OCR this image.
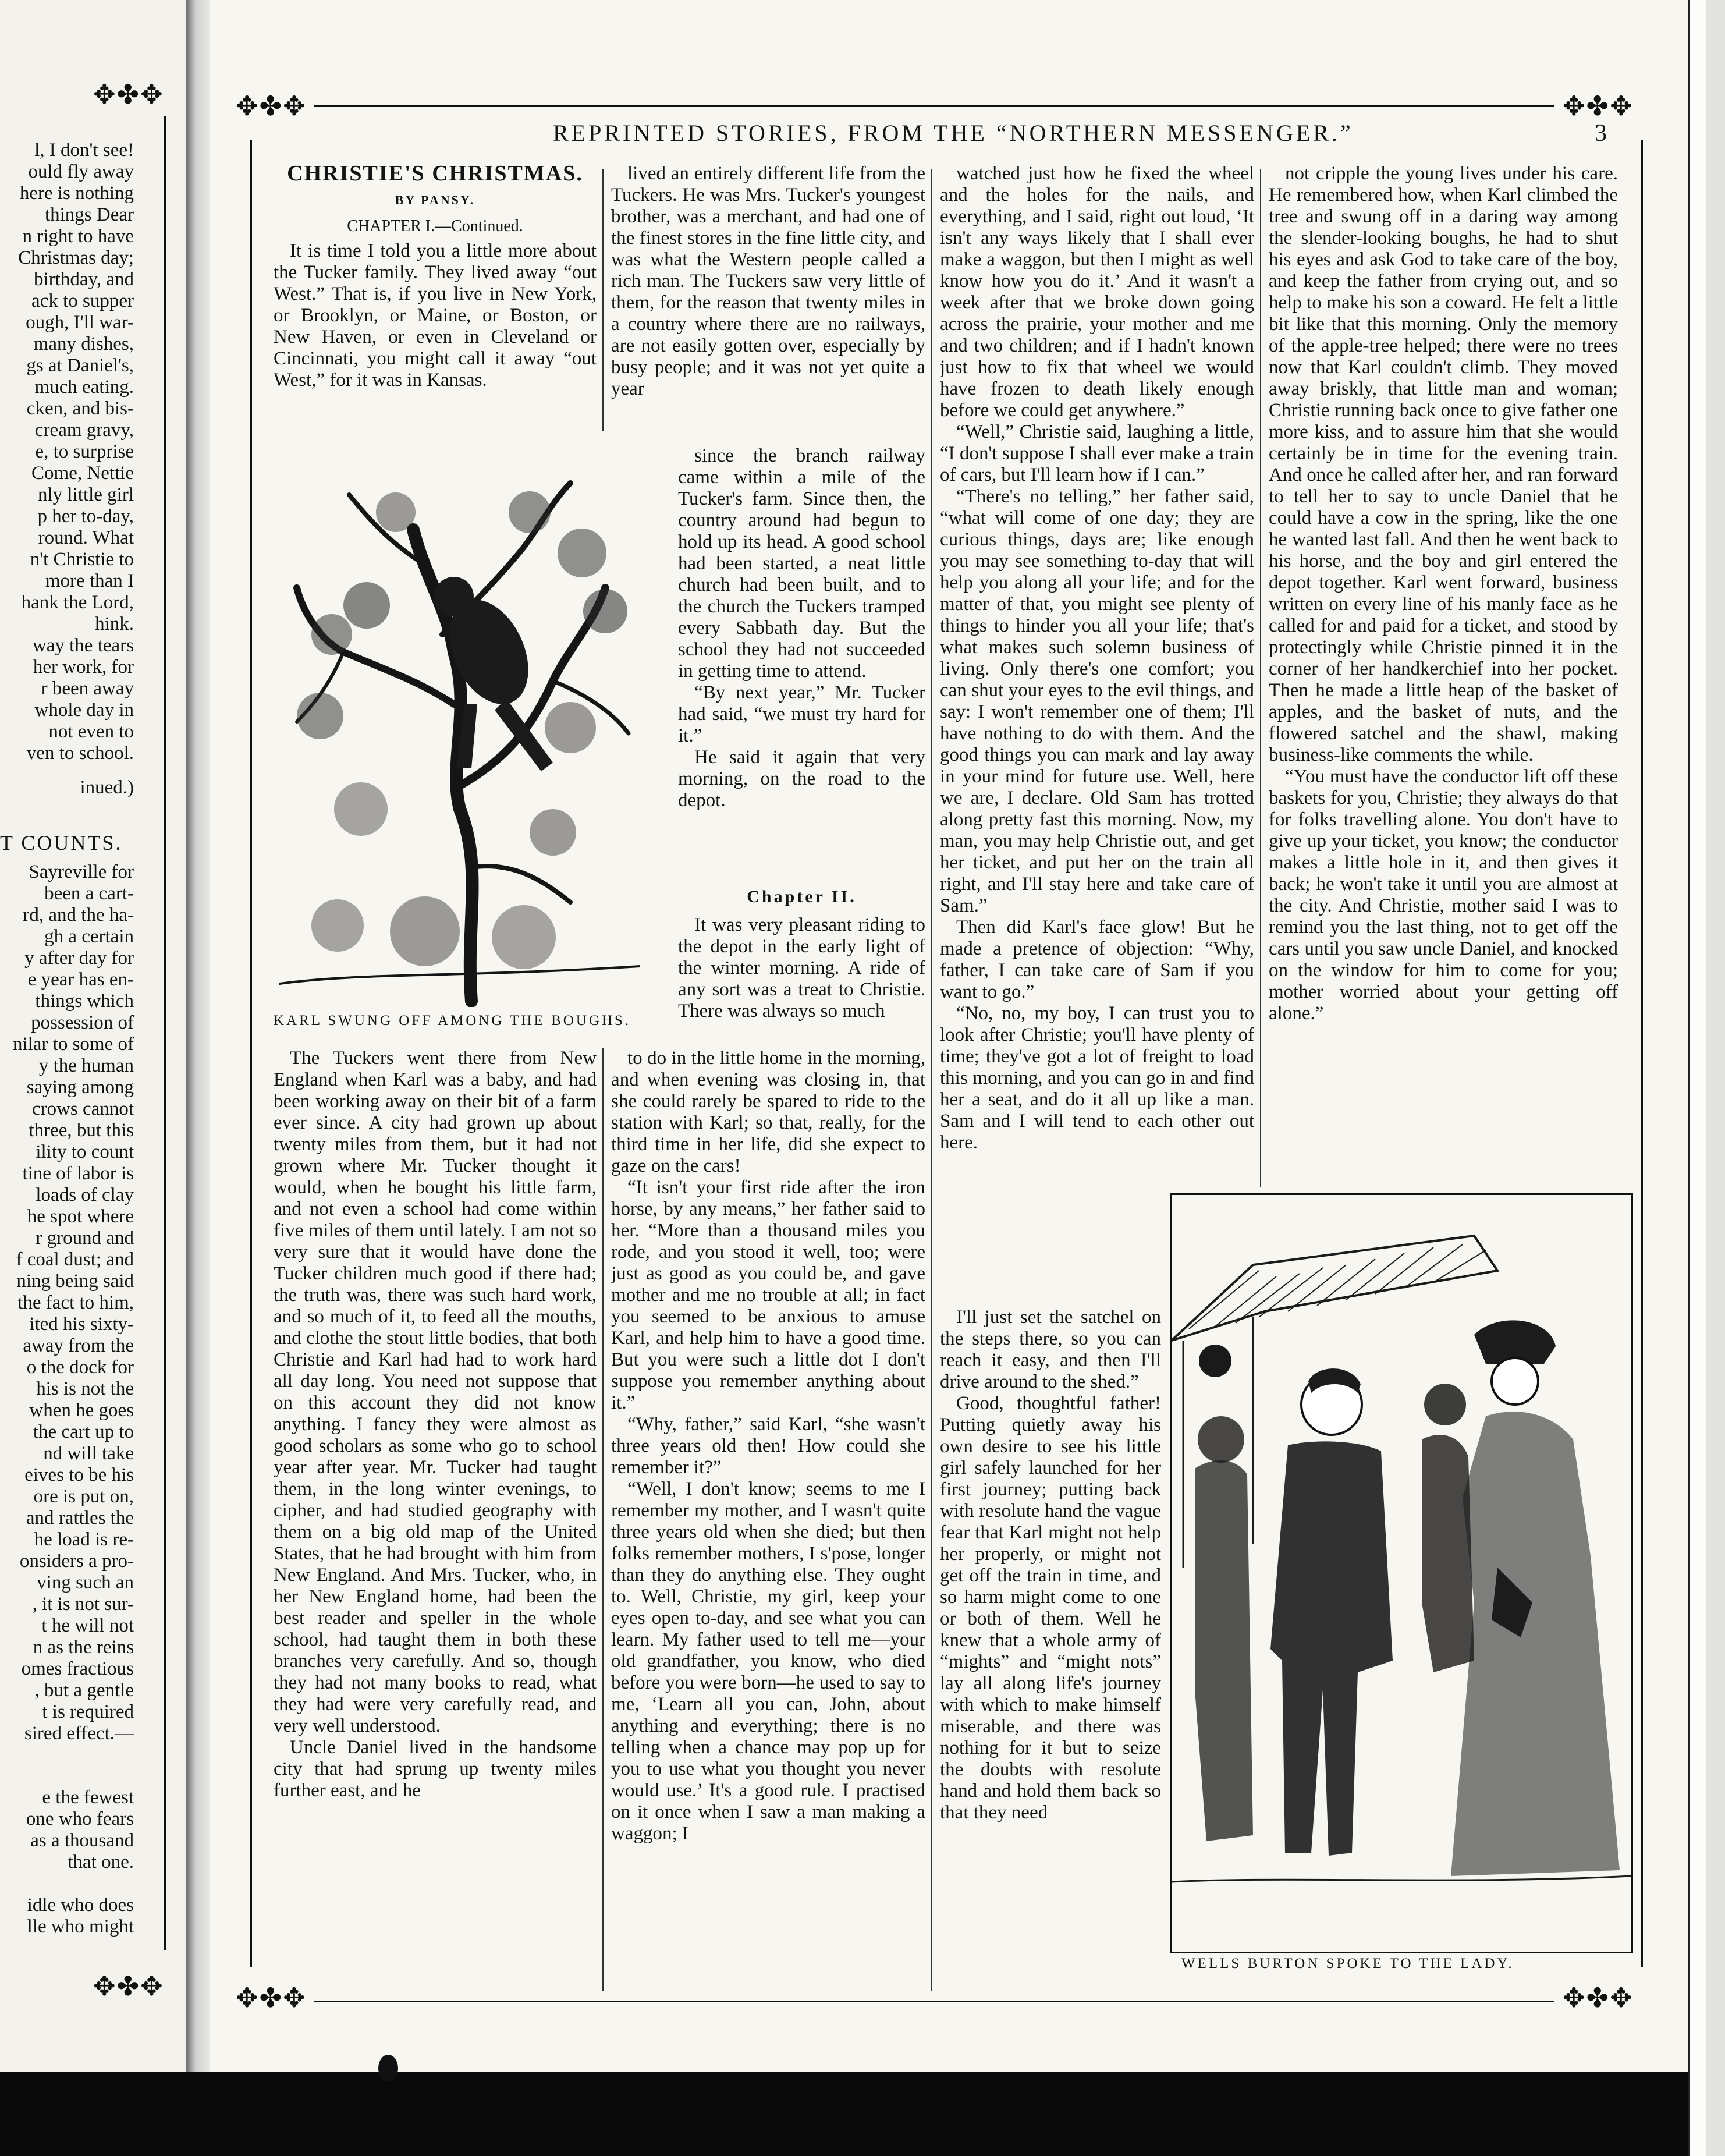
✥✤✥
l, I don't see!
ould fly away
here is nothing
things Dear
n right to have
Christmas day;
birthday, and
ack to supper
ough, I'll war-
many dishes,
gs at Daniel's,
much eating.
cken, and bis-
cream gravy,
e, to surprise
Come, Nettie
nly little girl
p her to-day,
round. What
n't Christie to
more than I
hank the Lord,
hink.
way the tears
her work, for
r been away
whole day in
not even to
ven to school.
inued.)
T COUNTS.
Sayreville for
been a cart-
rd, and the ha-
gh a certain
y after day for
e year has en-
things which
possession of
nilar to some of
y the human
saying among
crows cannot
three, but this
ility to count
tine of labor is
loads of clay
he spot where
r ground and
f coal dust; and
ning being said
the fact to him,
ited his sixty-
away from the
o the dock for
his is not the
when he goes
the cart up to
nd will take
eives to be his
ore is put on,
and rattles the
he load is re-
onsiders a pro-
ving such an
, it is not sur-
t he will not
n as the reins
omes fractious
, but a gentle
t is required
sired effect.—
e the fewest
one who fears
as a thousand
that one.

idle who does
lle who might
✥✤✥
✥✤✥	✥✤✥
✥✤✥	✥✤✥
REPRINTED STORIES, FROM THE “NORTHERN MESSENGER.”	3
CHRISTIE'S CHRISTMAS.
BY PANSY.
CHAPTER I.—Continued.

It is time I told you a little more about the Tucker family. They lived away “out West.” That is, if you live in New York, or Brooklyn, or Maine, or Boston, or New Haven, or even in Cleveland or Cincinnati, you might call it away “out West,” for it was in Kansas.

KARL SWUNG OFF AMONG THE BOUGHS.

The Tuckers went there from New England when Karl was a baby, and had been working away on their bit of a farm ever since. A city had grown up about twenty miles from them, but it had not grown where Mr. Tucker thought it would, when he bought his little farm, and not even a school had come within five miles of them until lately. I am not so very sure that it would have done the Tucker children much good if there had; the truth was, there was such hard work, and so much of it, to feed all the mouths, and clothe the stout little bodies, that both Christie and Karl had had to work hard all day long. You need not suppose that on this account they did not know anything. I fancy they were almost as good scholars as some who go to school year after year. Mr. Tucker had taught them, in the long winter evenings, to cipher, and had studied geography with them on a big old map of the United States, that he had brought with him from New England. And Mrs. Tucker, who, in her New England home, had been the best reader and speller in the whole school, had taught them in both these branches very carefully. And so, though they had not many books to read, what they had were very carefully read, and very well understood.

Uncle Daniel lived in the handsome city that had sprung up twenty miles further east, and he

lived an entirely different life from the Tuckers. He was Mrs. Tucker's youngest brother, was a merchant, and had one of the finest stores in the fine little city, and was what the Western people called a rich man. The Tuckers saw very little of them, for the reason that twenty miles in a country where there are no railways, are not easily gotten over, especially by busy people; and it was not yet quite a year

since the branch railway came within a mile of the Tucker's farm. Since then, the country around had begun to hold up its head. A good school had been started, a neat little church had been built, and to the church the Tuckers tramped every Sabbath day. But the school they had not succeeded in getting time to attend.

“By next year,” Mr. Tucker had said, “we must try hard for it.”

He said it again that very morning, on the road to the depot.

Chapter II.

It was very pleasant riding to the depot in the early light of the winter morning. A ride of any sort was a treat to Christie. There was always so much

to do in the little home in the morning, and when evening was closing in, that she could rarely be spared to ride to the station with Karl; so that, really, for the third time in her life, did she expect to gaze on the cars!

“It isn't your first ride after the iron horse, by any means,” her father said to her. “More than a thousand miles you rode, and you stood it well, too; were just as good as you could be, and gave mother and me no trouble at all; in fact you seemed to be anxious to amuse Karl, and help him to have a good time. But you were such a little dot I don't suppose you remember anything about it.”

“Why, father,” said Karl, “she wasn't three years old then! How could she remember it?”

“Well, I don't know; seems to me I remember my mother, and I wasn't quite three years old when she died; but then folks remember mothers, I s'pose, longer than they do anything else. They ought to. Well, Christie, my girl, keep your eyes open to-day, and see what you can learn. My father used to tell me—your old grandfather, you know, who died before you were born—he used to say to me, ‘Learn all you can, John, about anything and everything; there is no telling when a chance may pop up for you to use what you thought you never would use.’ It's a good rule. I practised on it once when I saw a man making a waggon; I

watched just how he fixed the wheel and the holes for the nails, and everything, and I said, right out loud, ‘It isn't any ways likely that I shall ever make a waggon, but then I might as well know how you do it.’ And it wasn't a week after that we broke down going across the prairie, your mother and me and two children; and if I hadn't known just how to fix that wheel we would have frozen to death likely enough before we could get anywhere.”

“Well,” Christie said, laughing a little, “I don't suppose I shall ever make a train of cars, but I'll learn how if I can.”

“There's no telling,” her father said, “what will come of one day; they are curious things, days are; like enough you may see something to-day that will help you along all your life; and for the matter of that, you might see plenty of things to hinder you all your life; that's what makes such solemn business of living. Only there's one comfort; you can shut your eyes to the evil things, and say: I won't remember one of them; I'll have nothing to do with them. And the good things you can mark and lay away in your mind for future use. Well, here we are, I declare. Old Sam has trotted along pretty fast this morning. Now, my man, you may help Christie out, and get her ticket, and put her on the train all right, and I'll stay here and take care of Sam.”

Then did Karl's face glow! But he made a pretence of objection: “Why, father, I can take care of Sam if you want to go.”

“No, no, my boy, I can trust you to look after Christie; you'll have plenty of time; they've got a lot of freight to load this morning, and you can go in and find her a seat, and do it all up like a man. Sam and I will tend to each other out here.

I'll just set the satchel on the steps there, so you can reach it easy, and then I'll drive around to the shed.”

Good, thoughtful father! Putting quietly away his own desire to see his little girl safely launched for her first journey; putting back with resolute hand the vague fear that Karl might not help her properly, or might not get off the train in time, and so harm might come to one or both of them. Well he knew that a whole army of “mights” and “might nots” lay all along life's journey with which to make himself miserable, and there was nothing for it but to seize the doubts with resolute hand and hold them back so that they need

not cripple the young lives under his care. He remembered how, when Karl climbed the tree and swung off in a daring way among the slender-looking boughs, he had to shut his eyes and ask God to take care of the boy, and keep the father from crying out, and so help to make his son a coward. He felt a little bit like that this morning. Only the memory of the apple-tree helped; there were no trees now that Karl couldn't climb. They moved away briskly, that little man and woman; Christie running back once to give father one more kiss, and to assure him that she would certainly be in time for the evening train. And once he called after her, and ran forward to tell her to say to uncle Daniel that he could have a cow in the spring, like the one he wanted last fall. And then he went back to his horse, and the boy and girl entered the depot together. Karl went forward, business written on every line of his manly face as he called for and paid for a ticket, and stood by protectingly while Christie pinned it in the corner of her handkerchief into her pocket. Then he made a little heap of the basket of apples, and the basket of nuts, and the flowered satchel and the shawl, making business-like comments the while.

“You must have the conductor lift off these baskets for you, Christie; they always do that for folks travelling alone. You don't have to give up your ticket, you know; the conductor makes a little hole in it, and then gives it back; he won't take it until you are almost at the city. And Christie, mother said I was to remind you the last thing, not to get off the cars until you saw uncle Daniel, and knocked on the window for him to come for you; mother worried about your getting off alone.”

WELLS BURTON SPOKE TO THE LADY.
